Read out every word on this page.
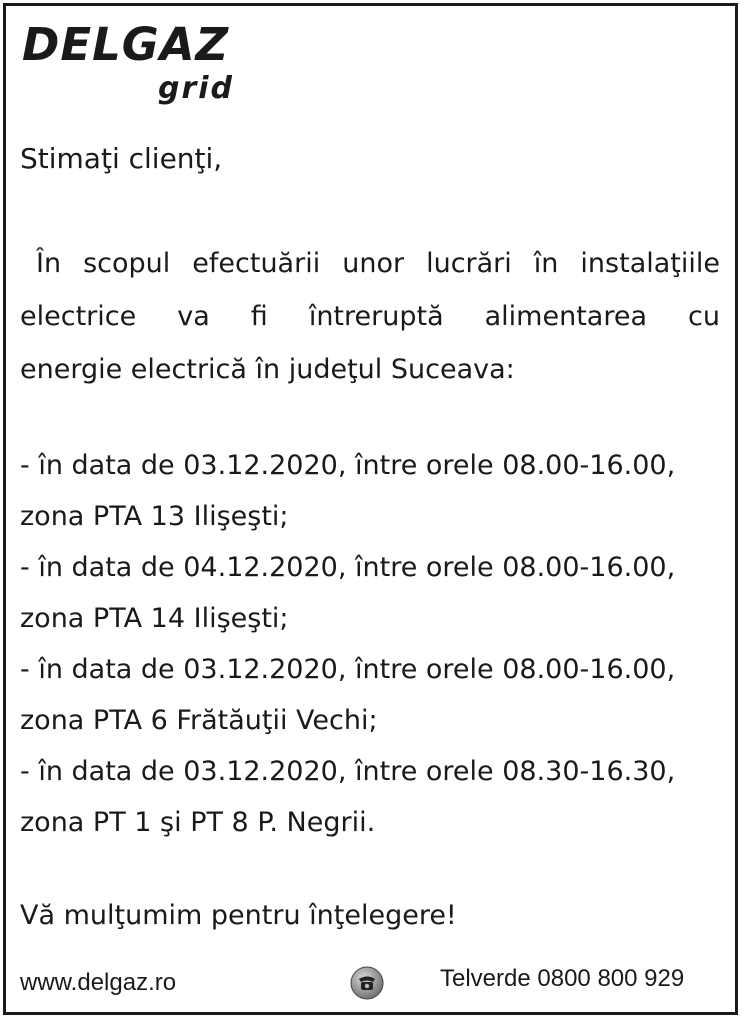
DELGAZ
grid
Stimaţi clienţi,
În scopul efectuării unor lucrări în instalaţiile
electrice va fi întreruptă alimentarea cu
energie electrică în judeţul Suceava:
- în data de 03.12.2020, între orele 08.00-16.00,
zona PTA 13 Ilişeşti;
- în data de 04.12.2020, între orele 08.00-16.00,
zona PTA 14 Ilişeşti;
- în data de 03.12.2020, între orele 08.00-16.00,
zona PTA 6 Frătăuţii Vechi;
- în data de 03.12.2020, între orele 08.30-16.30,
zona PT 1 şi PT 8 P. Negrii.
Vă mulţumim pentru înţelegere!
www.delgaz.ro	Telverde 0800 800 929
